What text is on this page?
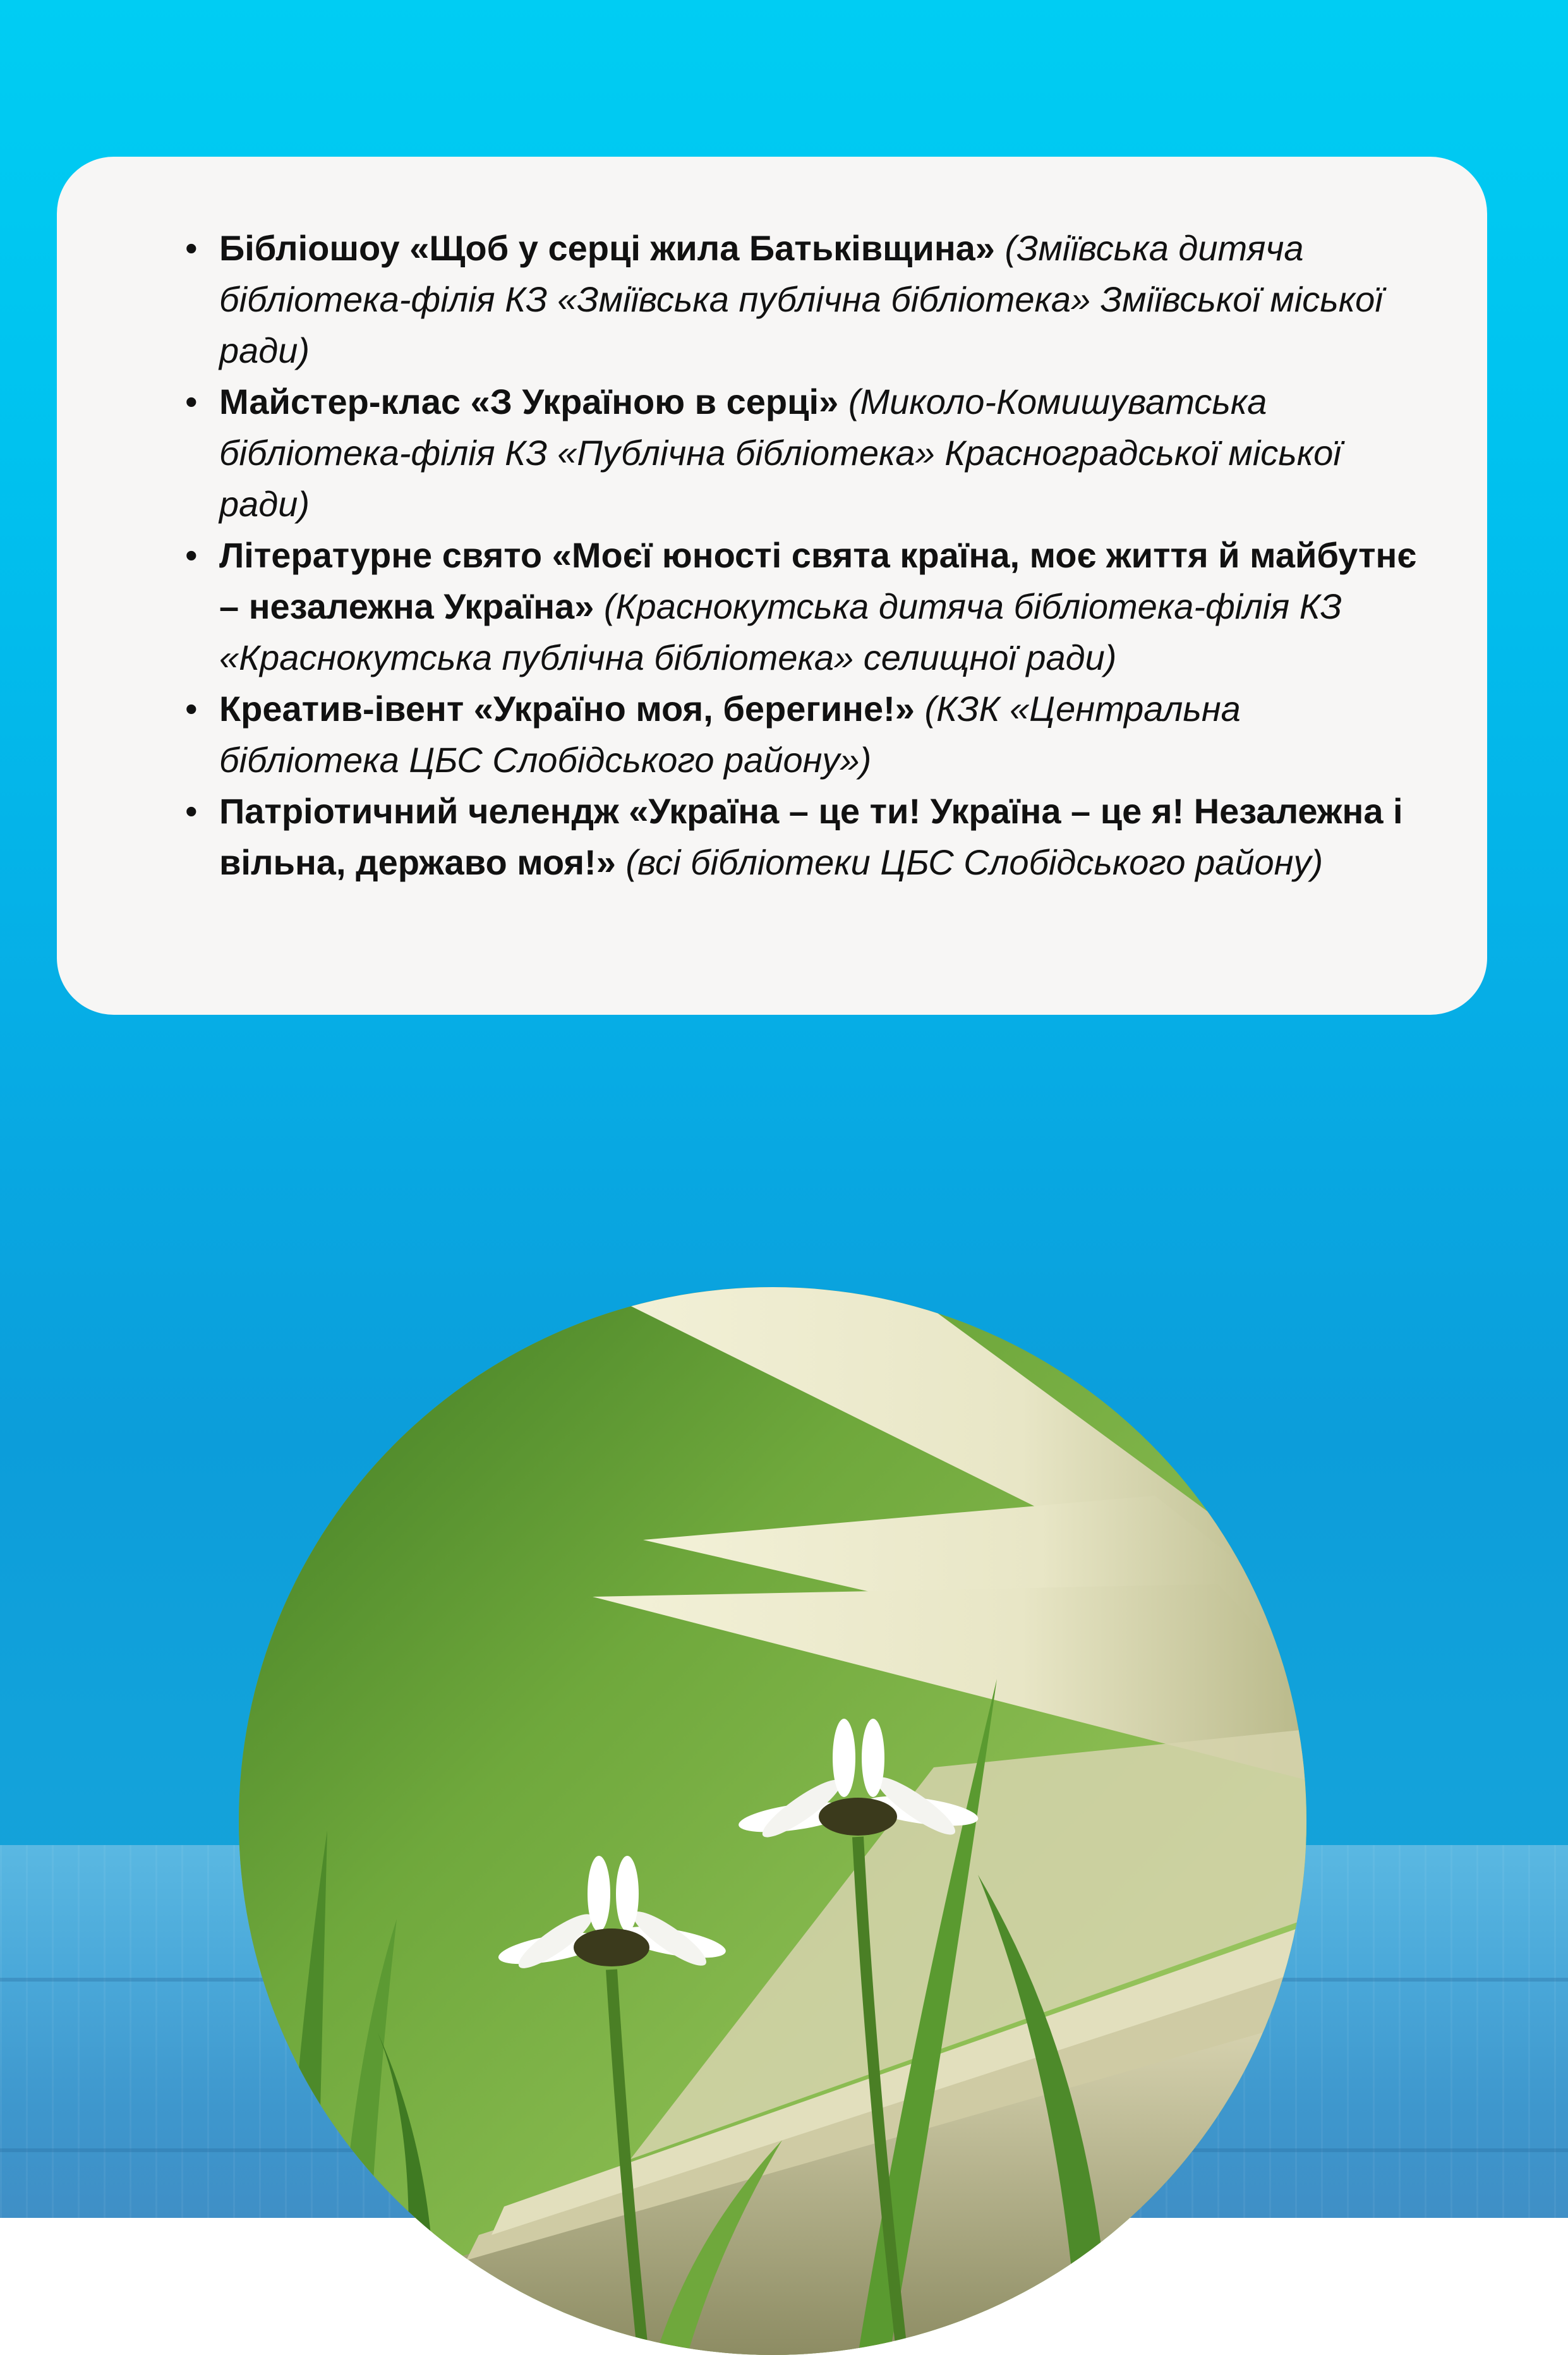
• Бібліошоу «Щоб у серці жила Батьківщина» (Зміївська дитяча бібліотека-філія КЗ «Зміївська публічна бібліотека» Зміївської міської ради)
• Майстер-клас «З Україною в серці» (Миколо-Комишуватська бібліотека-філія КЗ «Публічна бібліотека» Красноградської міської ради)
• Літературне свято «Моєї юності свята країна, моє життя й майбутнє – незалежна Україна» (Краснокутська дитяча бібліотека-філія КЗ «Краснокутська публічна бібліотека» селищної ради)
• Креатив-івент «Україно моя, берегине!» (КЗК «Центральна бібліотека ЦБС Слобідського району»)
• Патріотичний челендж «Україна – це ти! Україна – це я! Незалежна і вільна, державо моя!» (всі бібліотеки ЦБС Слобідського району)
